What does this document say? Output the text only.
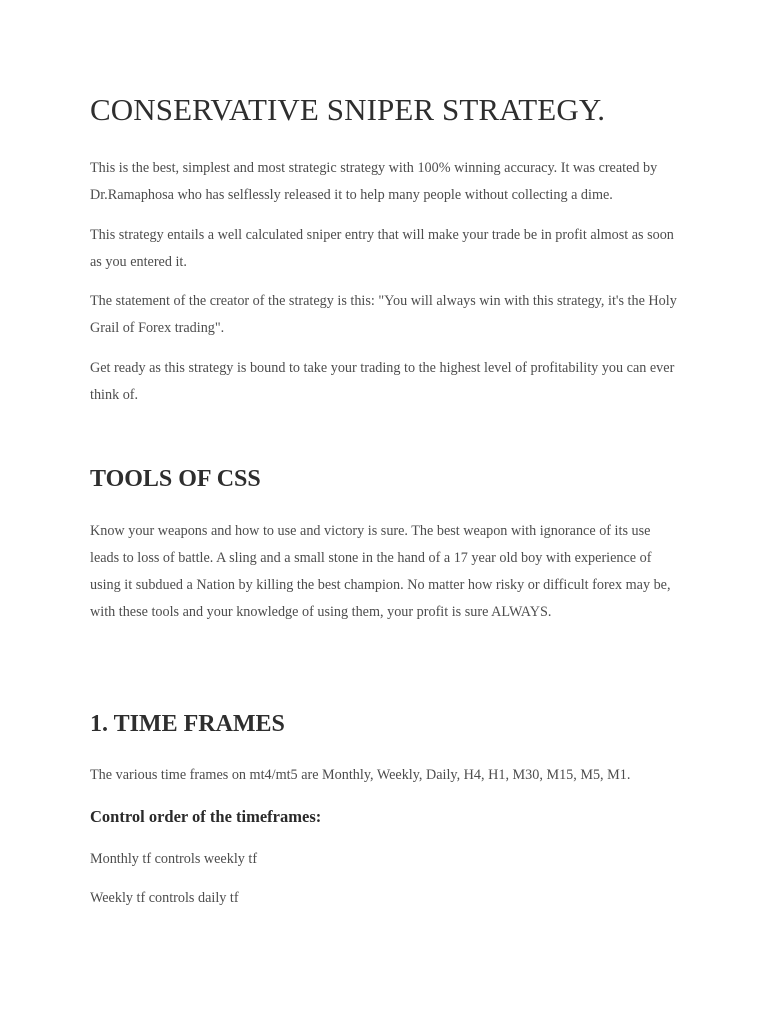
CONSERVATIVE SNIPER STRATEGY.

This is the best, simplest and most strategic strategy with 100% winning accuracy. It was created by Dr.Ramaphosa who has selflessly released it to help many people without collecting a dime.

This strategy entails a well calculated sniper entry that will make your trade be in profit almost as soon as you entered it.

The statement of the creator of the strategy is this: "You will always win with this strategy, it's the Holy Grail of Forex trading".

Get ready as this strategy is bound to take your trading to the highest level of profitability you can ever think of.

TOOLS OF CSS

Know your weapons and how to use and victory is sure. The best weapon with ignorance of its use leads to loss of battle. A sling and a small stone in the hand of a 17 year old boy with experience of using it subdued a Nation by killing the best champion. No matter how risky or difficult forex may be, with these tools and your knowledge of using them, your profit is sure ALWAYS.

1. TIME FRAMES

The various time frames on mt4/mt5 are Monthly, Weekly, Daily, H4, H1, M30, M15, M5, M1.

Control order of the timeframes:

Monthly tf controls weekly tf

Weekly tf controls daily tf
